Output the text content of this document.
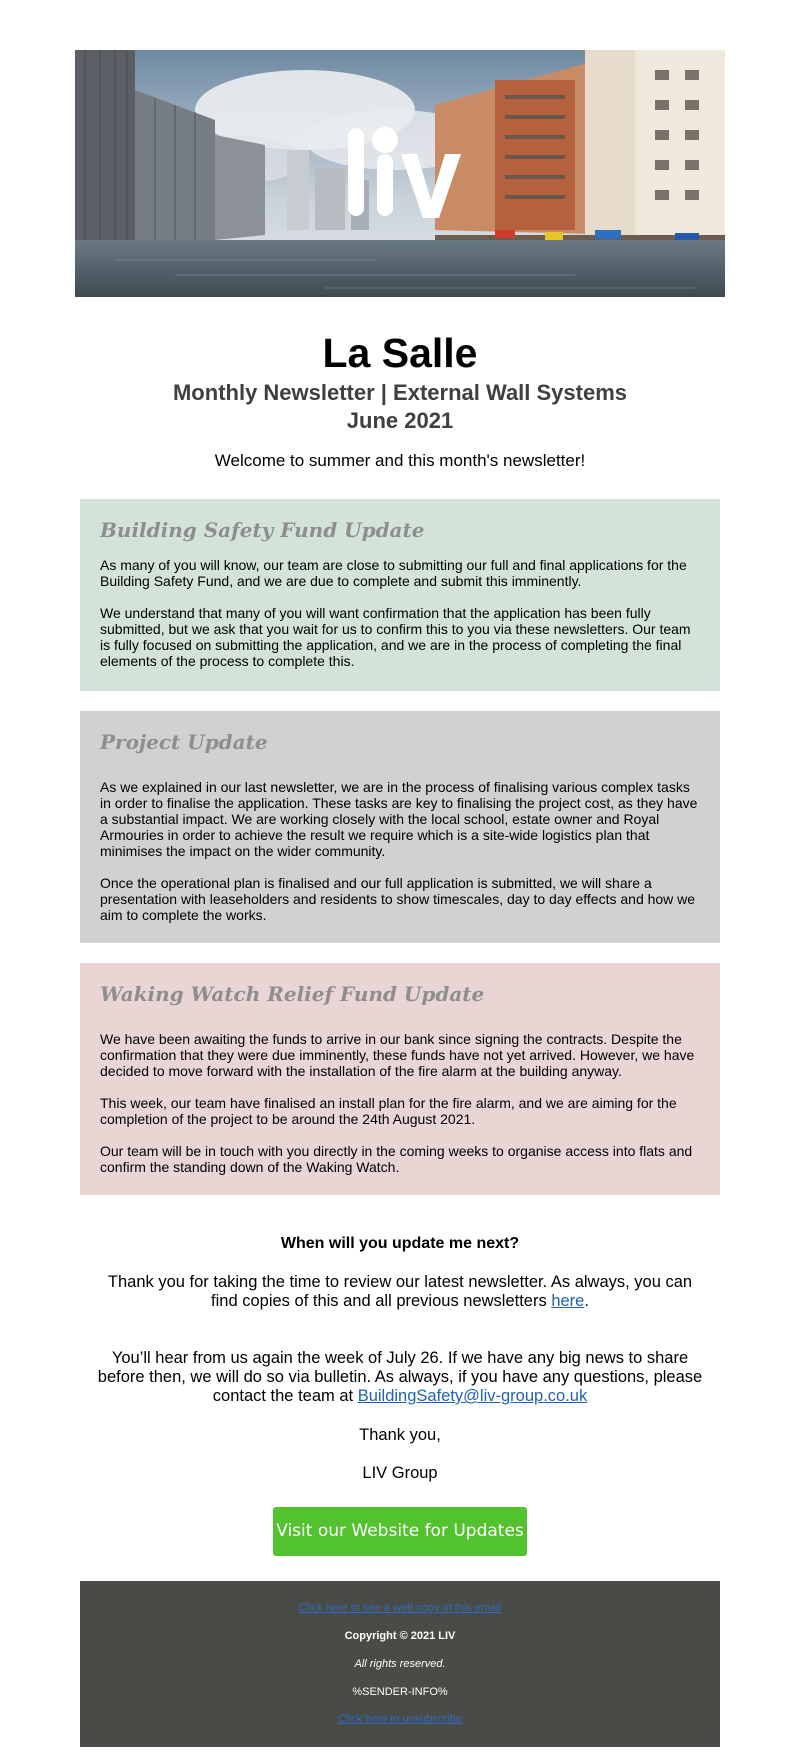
La Salle
Monthly Newsletter | External Wall Systems
June 2021
Welcome to summer and this month's newsletter!
Building Safety Fund Update

As many of you will know, our team are close to submitting our full and final applications for the Building Safety Fund, and we are due to complete and submit this imminently.

We understand that many of you will want confirmation that the application has been fully submitted, but we ask that you wait for us to confirm this to you via these newsletters. Our team is fully focused on submitting the application, and we are in the process of completing the final elements of the process to complete this.

Project Update

As we explained in our last newsletter, we are in the process of finalising various complex tasks in order to finalise the application. These tasks are key to finalising the project cost, as they have a substantial impact. We are working closely with the local school, estate owner and Royal Armouries in order to achieve the result we require which is a site-wide logistics plan that minimises the impact on the wider community.

Once the operational plan is finalised and our full application is submitted, we will share a presentation with leaseholders and residents to show timescales, day to day effects and how we aim to complete the works.

Waking Watch Relief Fund Update

We have been awaiting the funds to arrive in our bank since signing the contracts. Despite the confirmation that they were due imminently, these funds have not yet arrived. However, we have decided to move forward with the installation of the fire alarm at the building anyway.

This week, our team have finalised an install plan for the fire alarm, and we are aiming for the completion of the project to be around the 24th August 2021.

Our team will be in touch with you directly in the coming weeks to organise access into flats and confirm the standing down of the Waking Watch.

When will you update me next?
Thank you for taking the time to review our latest newsletter. As always, you can find copies of this and all previous newsletters here.
You’ll hear from us again the week of July 26. If we have any big news to share before then, we will do so via bulletin. As always, if you have any questions, please contact the team at BuildingSafety@liv-group.co.uk
Thank you,
LIV Group
Visit our Website for Updates
Click here to see a web copy of this email
Copyright © 2021 LIV
All rights reserved.
%SENDER-INFO%
Click here to unsubscribe
